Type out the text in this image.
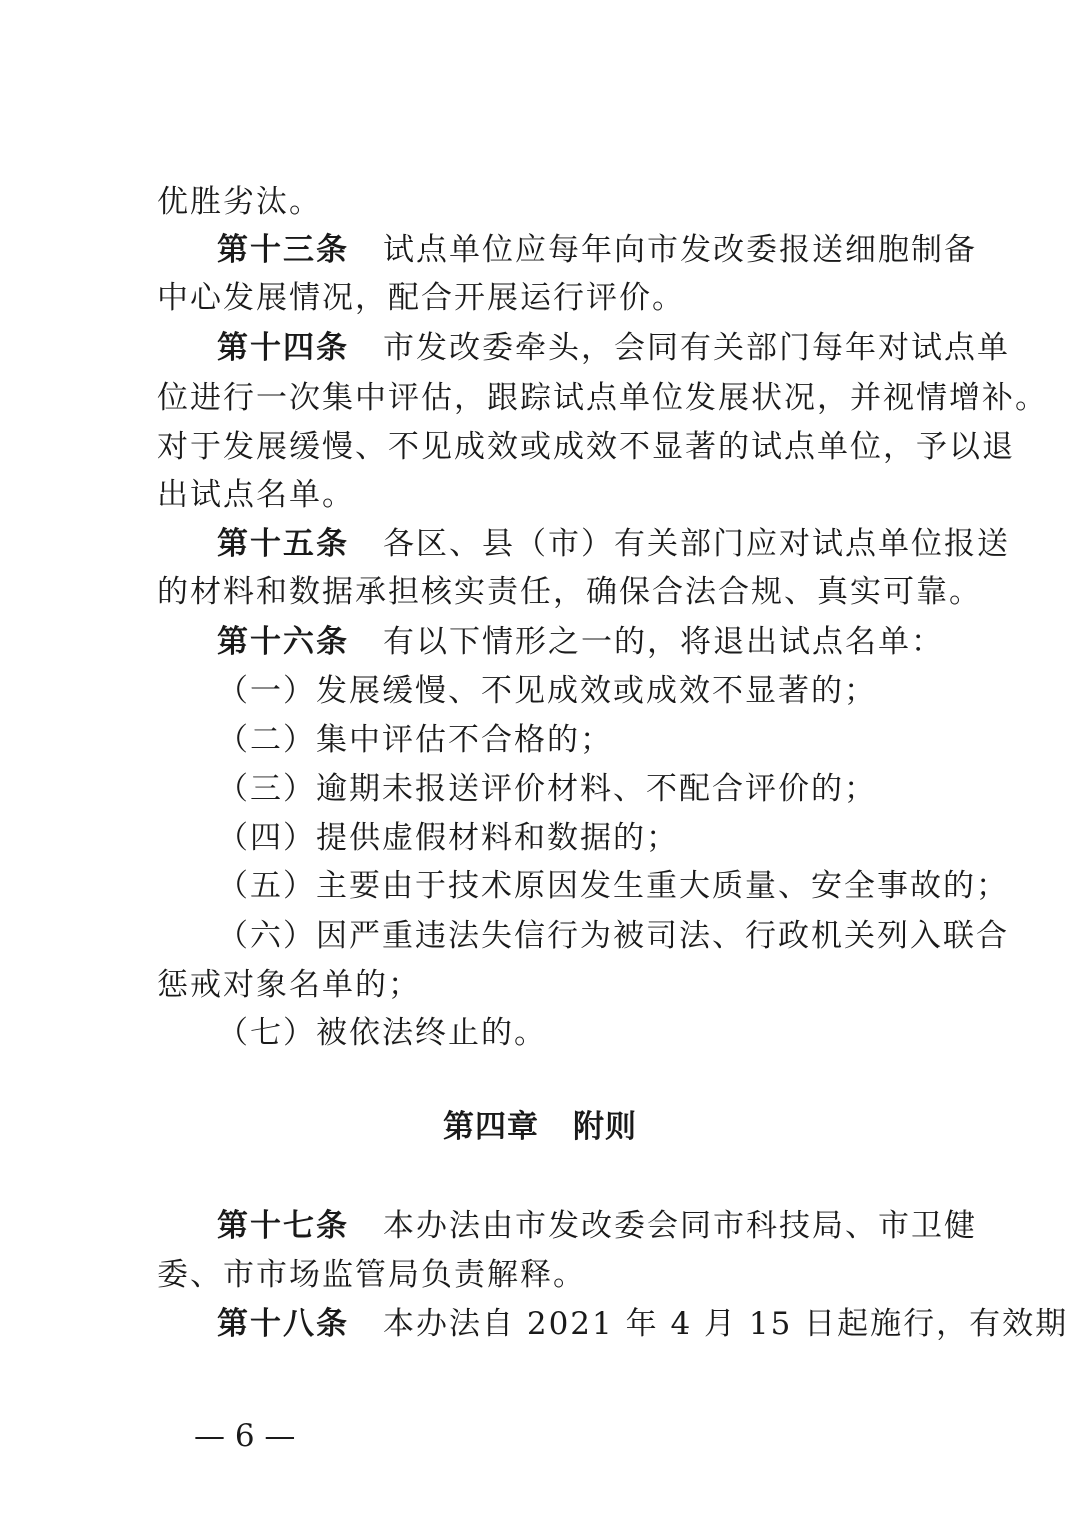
优胜劣汰。
第十三条 试点单位应每年向市发改委报送细胞制备
中心发展情况，配合开展运行评价。
第十四条 市发改委牵头，会同有关部门每年对试点单
位进行一次集中评估，跟踪试点单位发展状况，并视情增补。
对于发展缓慢、不见成效或成效不显著的试点单位，予以退
出试点名单。
第十五条 各区、县（市）有关部门应对试点单位报送
的材料和数据承担核实责任，确保合法合规、真实可靠。
第十六条 有以下情形之一的，将退出试点名单：
（一）发展缓慢、不见成效或成效不显著的；
（二）集中评估不合格的；
（三）逾期未报送评价材料、不配合评价的；
（四）提供虚假材料和数据的；
（五）主要由于技术原因发生重大质量、安全事故的；
（六）因严重违法失信行为被司法、行政机关列入联合
惩戒对象名单的；
（七）被依法终止的。
第四章 附则
第十七条 本办法由市发改委会同市科技局、市卫健
委、市市场监管局负责解释。
第十八条 本办法自 2021 年 4 月 15 日起施行，有效期
— 6 —
